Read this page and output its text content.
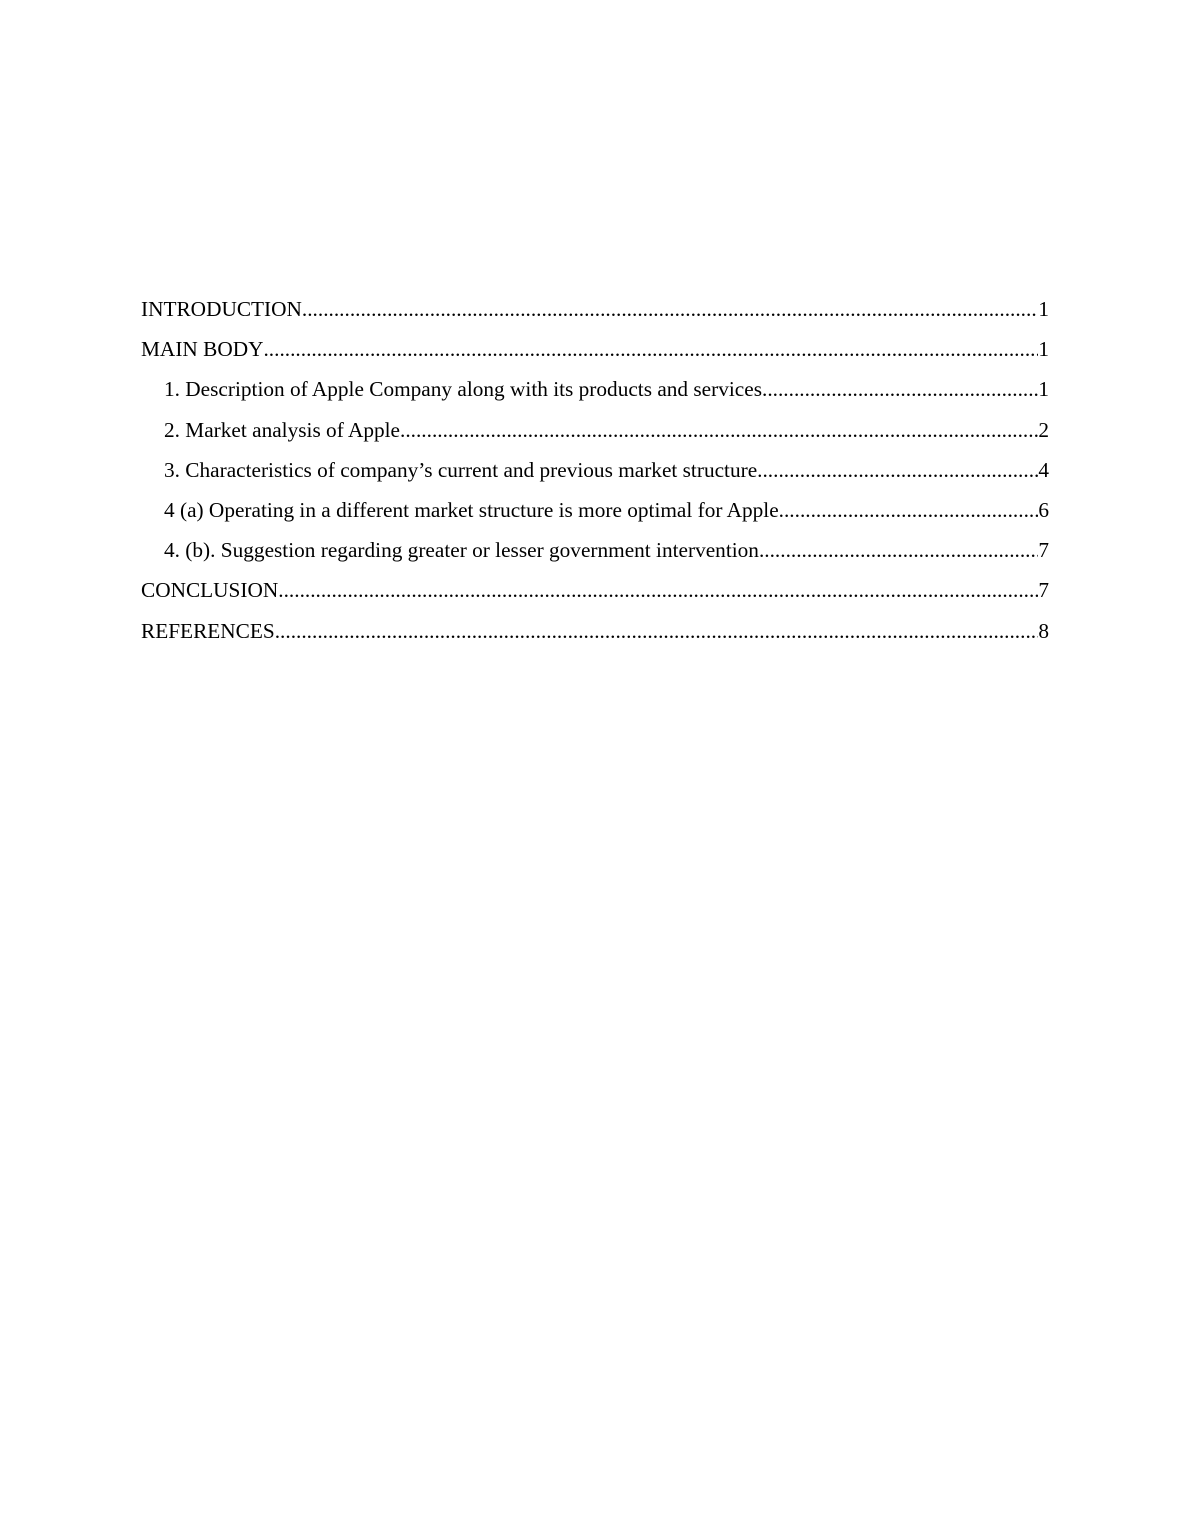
INTRODUCTION .....	1
MAIN BODY .....	1
1. Description of Apple Company along with its products and services .....	1
2. Market analysis of Apple .....	2
3. Characteristics of company’s current and previous market structure .....	4
4 (a) Operating in a different market structure is more optimal for Apple .....	6
4. (b). Suggestion regarding greater or lesser government intervention .....	7
CONCLUSION .....	7
REFERENCES .....	8
